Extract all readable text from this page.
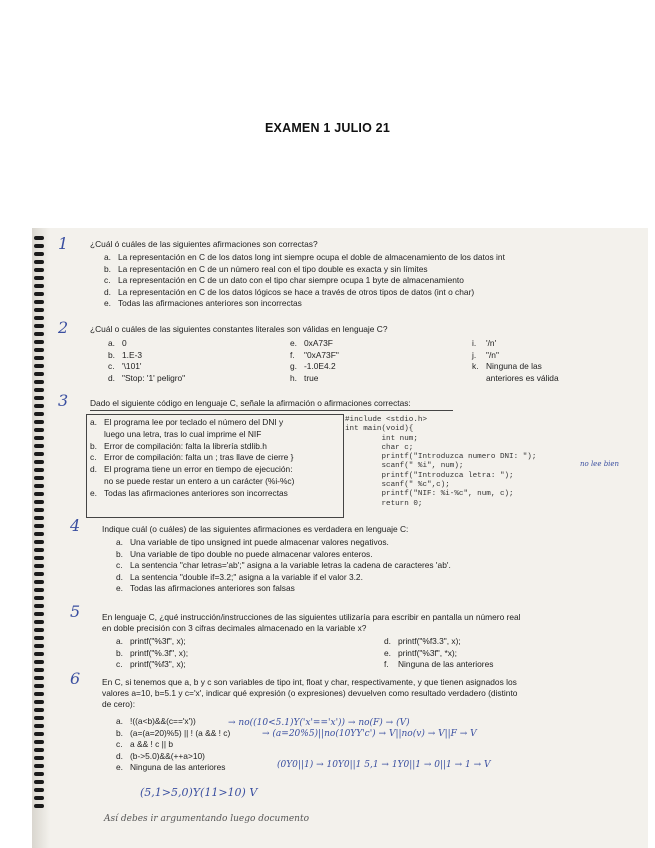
EXAMEN 1 JULIO 21
1	¿Cuál ó cuáles de las siguientes afirmaciones son correctas?
2	¿Cuál o cuáles de las siguientes constantes literales son válidas en lenguaje C?
3	Dado el siguiente código en lenguaje C, señale la afirmación o afirmaciones correctas:
#include <stdio.h>
int main(void){
int num;
char c;
printf("Introduzca numero DNI: ");
scanf(" %i", num);
printf("Introduzca letra: ");
scanf(" %c",c);
printf("NIF: %i-%c", num, c);
return 0;
no lee bien
4	Indique cuál (o cuáles) de las siguientes afirmaciones es verdadera en lenguaje C:
5	En lenguaje C, ¿qué instrucción/instrucciones de las siguientes utilizaría para escribir en pantalla un número real
en doble precisión con 3 cifras decimales almacenado en la variable x?
6	En C, si tenemos que a, b y c son variables de tipo int, float y char, respectivamente, y que tienen asignados los
valores a=10, b=5.1 y c='x', indicar qué expresión (o expresiones) devuelven como resultado verdadero (distinto
de cero):
→ no((10<5.1)Y('x'=='x')) → no(F) → (V)
→ (a=20%5)||no(10YY'c') → V||no(v) → V||F → V
(0Y0||1) → 10Y0||1 5,1 → 1Y0||1 → 0||1 → 1 → V
(5,1>5,0)Y(11>10) V
Así debes ir argumentando luego documento
a. La representación en C de los datos long int siempre ocupa el doble de almacenamiento de los datos int
b. La representación en C de un número real con el tipo double es exacta y sin límites
c. La representación en C de un dato con el tipo char siempre ocupa 1 byte de almacenamiento
d. La representación en C de los datos lógicos se hace a través de otros tipos de datos (int o char)
e. Todas las afirmaciones anteriores son incorrectas
a. 0
b. 1.E-3
c. '\101'
d. "Stop: '1' peligro"
e. 0xA73F
f. "0xA73F"
g. -1.0E4.2
h. true
i. '/n'
j. "/n"
k. Ninguna de las
anteriores es válida
a. El programa lee por teclado el número del DNI y
luego una letra, tras lo cual imprime el NIF
b. Error de compilación: falta la librería stdlib.h
c. Error de compilación: falta un ; tras llave de cierre }
d. El programa tiene un error en tiempo de ejecución:
no se puede restar un entero a un carácter (%i-%c)
e. Todas las afirmaciones anteriores son incorrectas
a. Una variable de tipo unsigned int puede almacenar valores negativos.
b. Una variable de tipo double no puede almacenar valores enteros.
c. La sentencia "char letras='ab';" asigna a la variable letras la cadena de caracteres 'ab'.
d. La sentencia "double if=3.2;" asigna a la variable if el valor 3.2.
e. Todas las afirmaciones anteriores son falsas
a. printf("%3f", x);
b. printf("%.3f", x);
c. printf("%f3", x);
d. printf("%f3.3", x);
e. printf("%3f", *x);
f. Ninguna de las anteriores
a. !((a<b)&&(c=='x'))
b. (a=(a=20)%5) || ! (a && ! c)
c. a && ! c || b
d. (b->5.0)&&(++a>10)
e. Ninguna de las anteriores
